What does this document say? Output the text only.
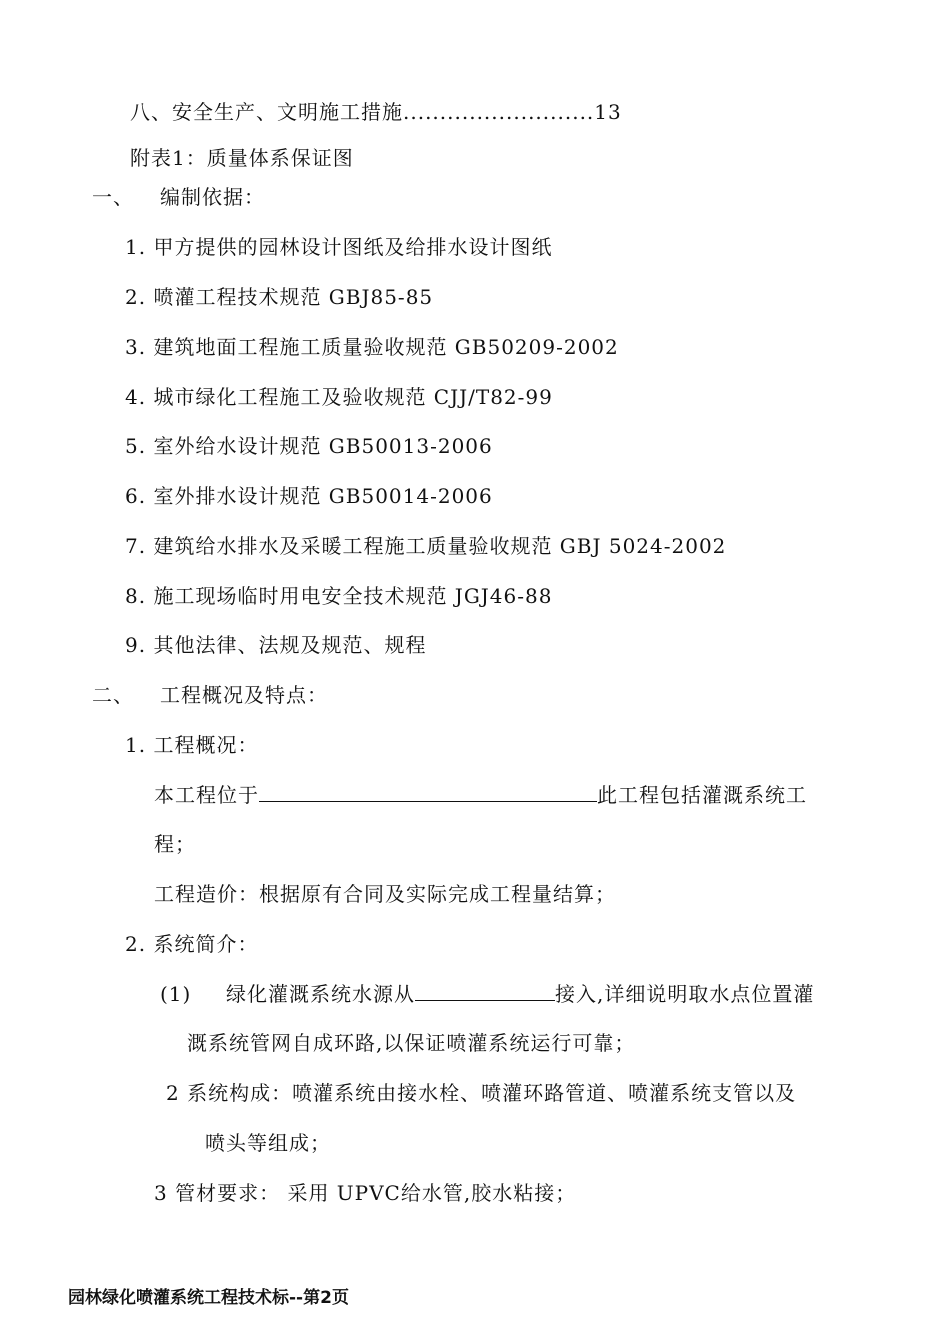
八、安全生产、文明施工措施..........................13
附表1：质量体系保证图
一、 编制依据：
1. 甲方提供的园林设计图纸及给排水设计图纸
2. 喷灌工程技术规范 GBJ85-85
3. 建筑地面工程施工质量验收规范 GB50209-2002
4. 城市绿化工程施工及验收规范 CJJ/T82-99
5. 室外给水设计规范 GB50013-2006
6. 室外排水设计规范 GB50014-2006
7. 建筑给水排水及采暖工程施工质量验收规范 GBJ 5024-2002
8. 施工现场临时用电安全技术规范 JGJ46-88
9. 其他法律、法规及规范、规程
二、 工程概况及特点：
1. 工程概况：
本工程位于	此工程包括灌溉系统工
程；
工程造价：根据原有合同及实际完成工程量结算；
2. 系统简介：
(1) 绿化灌溉系统水源从	接入,详细说明取水点位置灌
溉系统管网自成环路,以保证喷灌系统运行可靠；
2 系统构成：喷灌系统由接水栓、喷灌环路管道、喷灌系统支管以及
喷头等组成；
3 管材要求： 采用 UPVC给水管,胶水粘接；
园林绿化喷灌系统工程技术标--第2页
